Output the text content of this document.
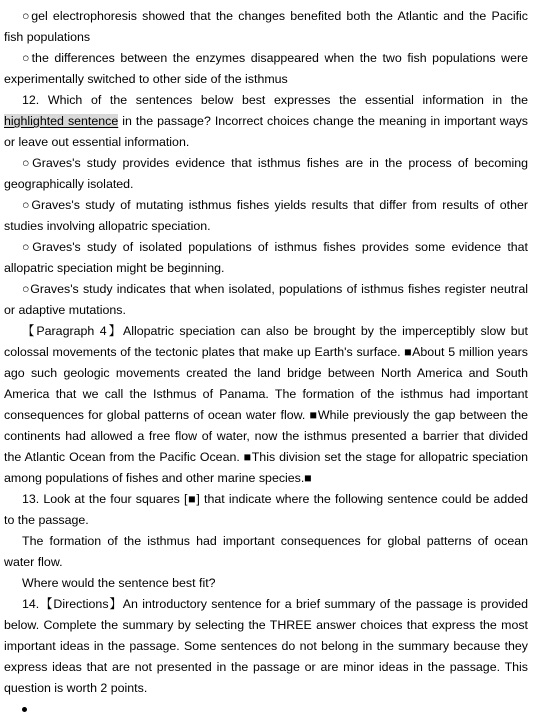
○gel electrophoresis showed that the changes benefited both the Atlantic and the Pacific fish populations

○the differences between the enzymes disappeared when the two fish populations were experimentally switched to other side of the isthmus

12. Which of the sentences below best expresses the essential information in the highlighted sentence in the passage? Incorrect choices change the meaning in important ways or leave out essential information.

○Graves's study provides evidence that isthmus fishes are in the process of becoming geographically isolated.

○Graves's study of mutating isthmus fishes yields results that differ from results of other studies involving allopatric speciation.

○Graves's study of isolated populations of isthmus fishes provides some evidence that allopatric speciation might be beginning.

○Graves's study indicates that when isolated, populations of isthmus fishes register neutral or adaptive mutations.

【Paragraph 4】Allopatric speciation can also be brought by the imperceptibly slow but colossal movements of the tectonic plates that make up Earth's surface. ■About 5 million years ago such geologic movements created the land bridge between North America and South America that we call the Isthmus of Panama. The formation of the isthmus had important consequences for global patterns of ocean water flow. ■While previously the gap between the continents had allowed a free flow of water, now the isthmus presented a barrier that divided the Atlantic Ocean from the Pacific Ocean. ■This division set the stage for allopatric speciation among populations of fishes and other marine species.■

13. Look at the four squares [■] that indicate where the following sentence could be added to the passage.

The formation of the isthmus had important consequences for global patterns of ocean water flow.

Where would the sentence best fit?

14.【Directions】An introductory sentence for a brief summary of the passage is provided below. Complete the summary by selecting the THREE answer choices that express the most important ideas in the passage. Some sentences do not belong in the summary because they express ideas that are not presented in the passage or are minor ideas in the passage. This question is worth 2 points.
